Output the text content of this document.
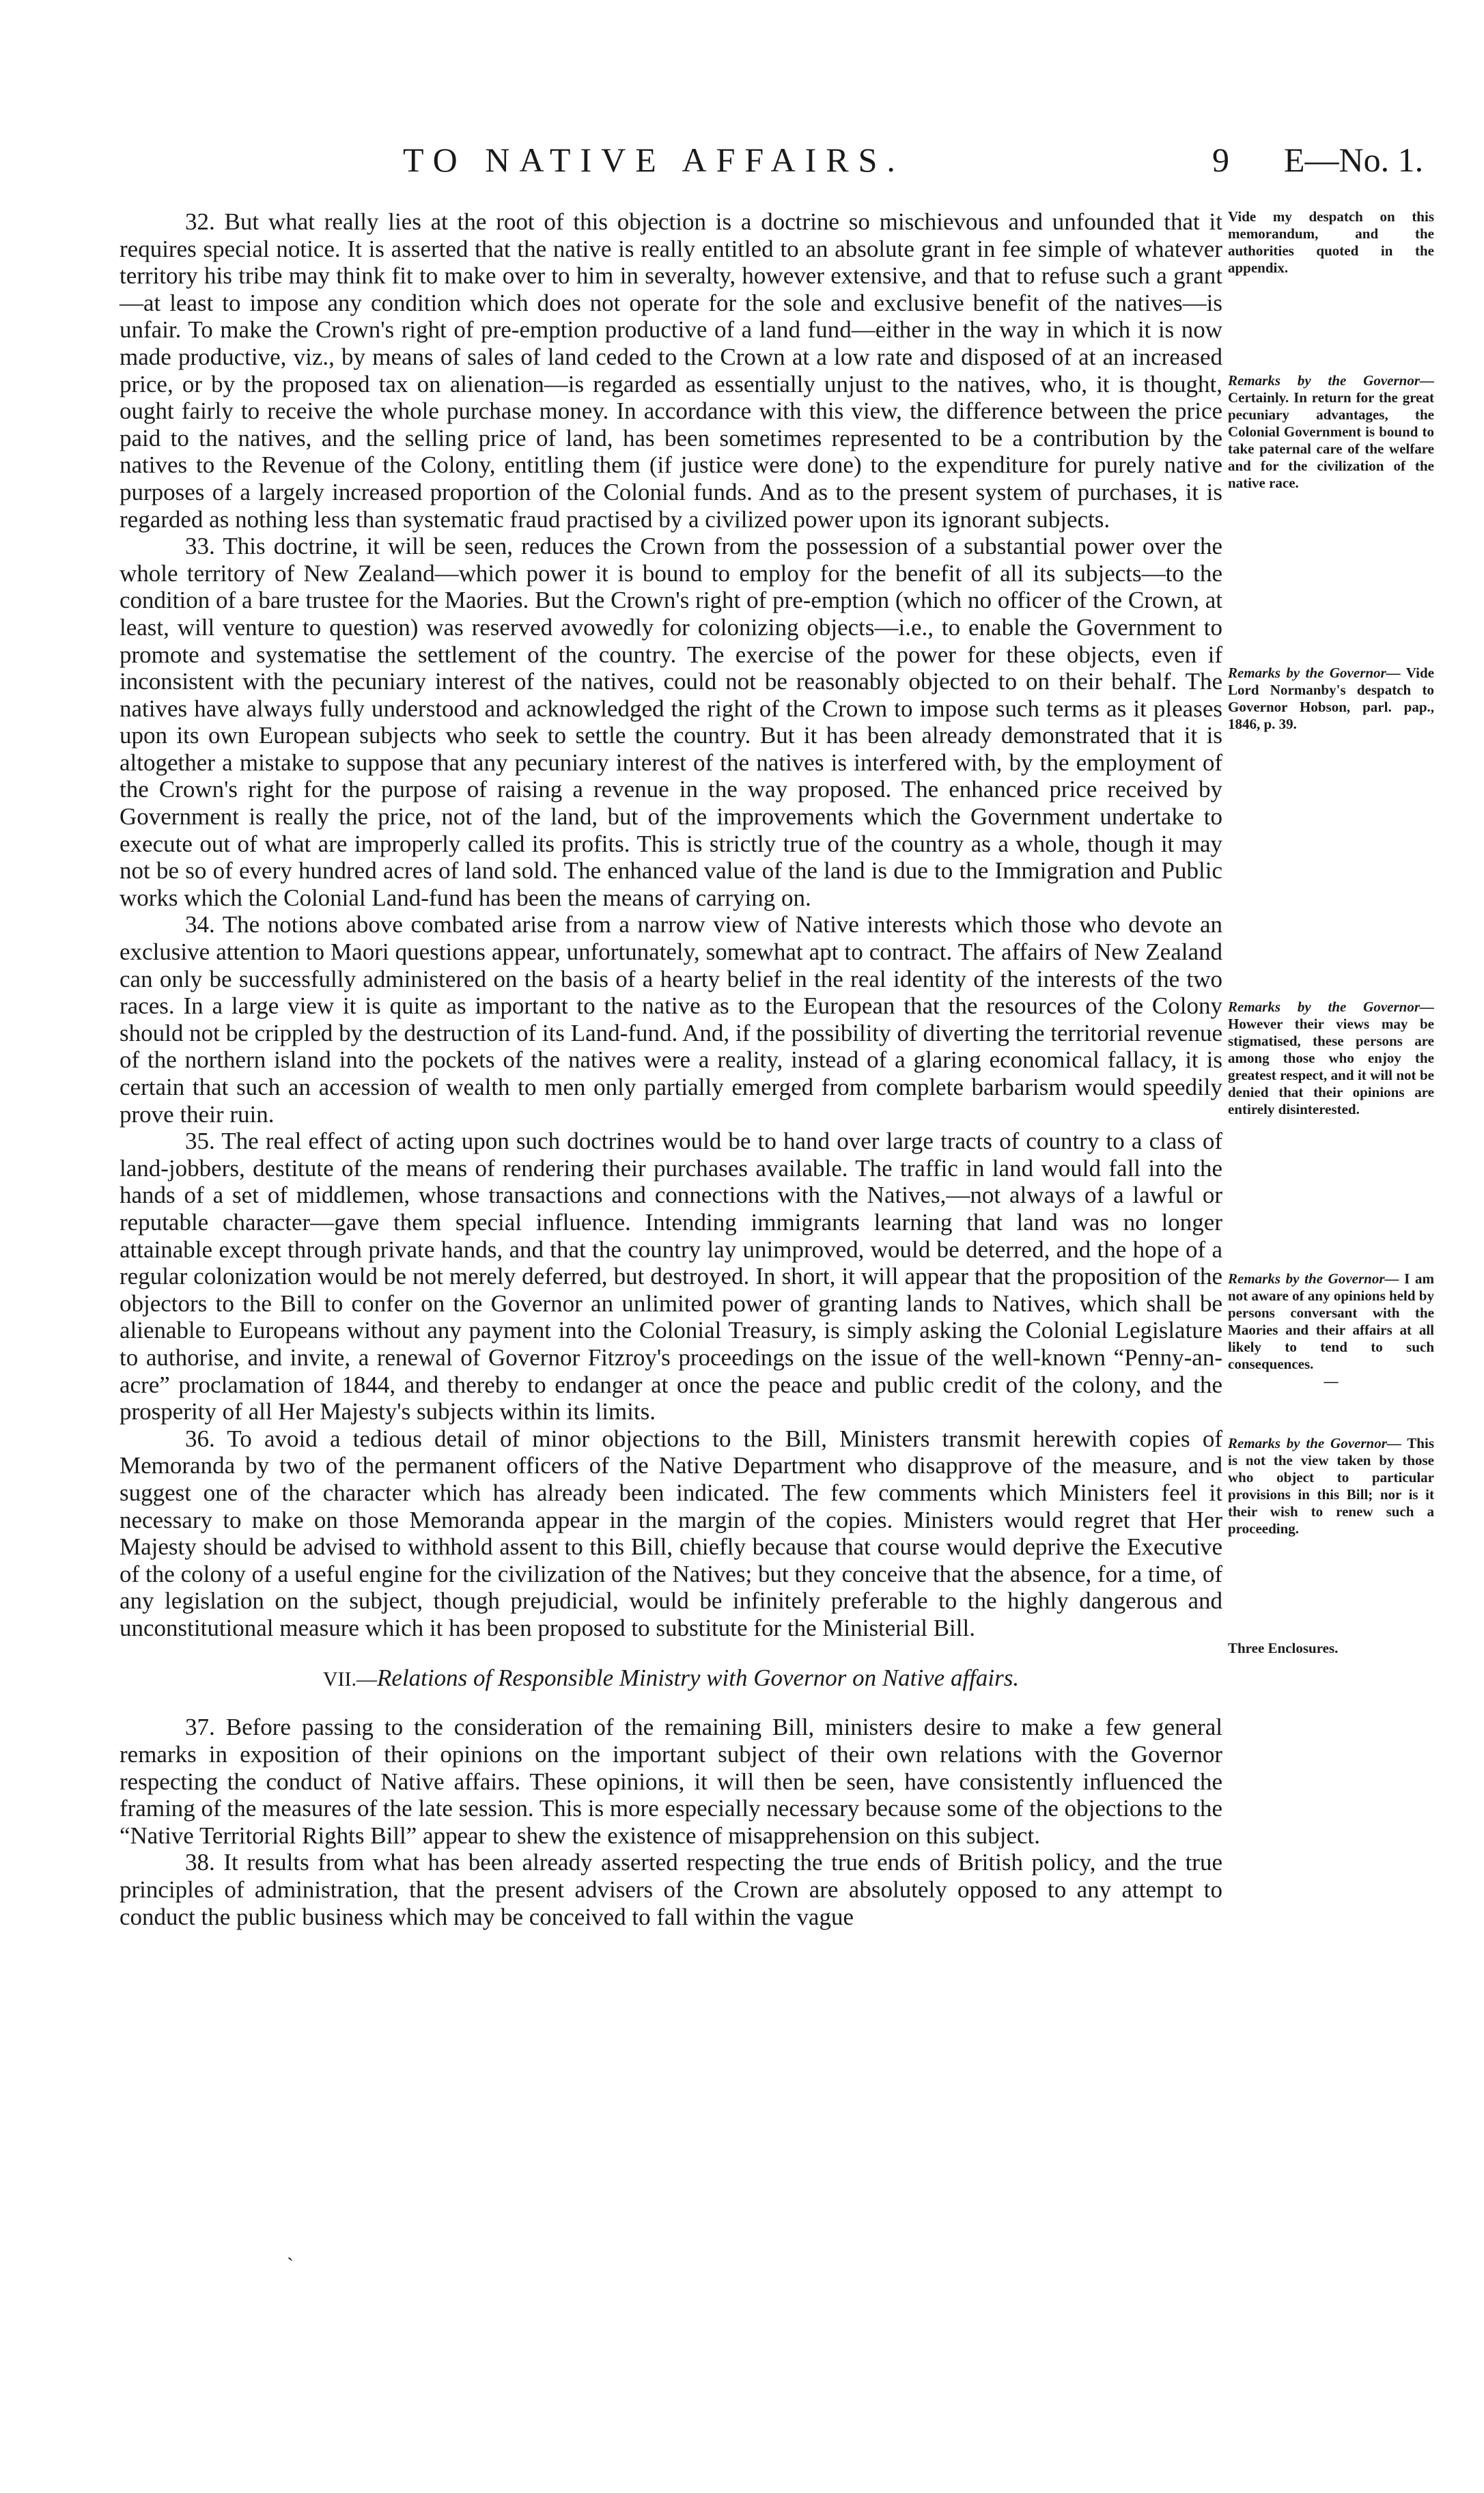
TO NATIVE AFFAIRS.	9 E—No. 1.

32. But what really lies at the root of this objection is a doctrine so mischievous and unfounded that it requires special notice. It is asserted that the native is really entitled to an absolute grant in fee simple of whatever territory his tribe may think fit to make over to him in severalty, however extensive, and that to refuse such a grant—at least to impose any condition which does not operate for the sole and exclusive benefit of the natives—is unfair. To make the Crown's right of pre-emption productive of a land fund—either in the way in which it is now made productive, viz., by means of sales of land ceded to the Crown at a low rate and disposed of at an increased price, or by the proposed tax on alienation—is regarded as essentially unjust to the natives, who, it is thought, ought fairly to receive the whole purchase money. In accordance with this view, the difference between the price paid to the natives, and the selling price of land, has been sometimes represented to be a contribution by the natives to the Revenue of the Colony, entitling them (if justice were done) to the expenditure for purely native purposes of a largely increased proportion of the Colonial funds. And as to the present system of purchases, it is regarded as nothing less than systematic fraud practised by a civilized power upon its ignorant subjects.

33. This doctrine, it will be seen, reduces the Crown from the possession of a substantial power over the whole territory of New Zealand—which power it is bound to employ for the benefit of all its subjects—to the condition of a bare trustee for the Maories. But the Crown's right of pre-emption (which no officer of the Crown, at least, will venture to question) was reserved avowedly for colonizing objects—i.e., to enable the Government to promote and systematise the settlement of the country. The exercise of the power for these objects, even if inconsistent with the pecuniary interest of the natives, could not be reasonably objected to on their behalf. The natives have always fully understood and acknowledged the right of the Crown to impose such terms as it pleases upon its own European subjects who seek to settle the country. But it has been already demonstrated that it is altogether a mistake to suppose that any pecuniary interest of the natives is interfered with, by the employment of the Crown's right for the purpose of raising a revenue in the way proposed. The enhanced price received by Government is really the price, not of the land, but of the improvements which the Government undertake to execute out of what are improperly called its profits. This is strictly true of the country as a whole, though it may not be so of every hundred acres of land sold. The enhanced value of the land is due to the Immigration and Public works which the Colonial Land-fund has been the means of carrying on.

34. The notions above combated arise from a narrow view of Native interests which those who devote an exclusive attention to Maori questions appear, unfortunately, somewhat apt to contract. The affairs of New Zealand can only be successfully administered on the basis of a hearty belief in the real identity of the interests of the two races. In a large view it is quite as important to the native as to the European that the resources of the Colony should not be crippled by the destruction of its Land-fund. And, if the possibility of diverting the territorial revenue of the northern island into the pockets of the natives were a reality, instead of a glaring economical fallacy, it is certain that such an accession of wealth to men only partially emerged from complete barbarism would speedily prove their ruin.

35. The real effect of acting upon such doctrines would be to hand over large tracts of country to a class of land-jobbers, destitute of the means of rendering their purchases available. The traffic in land would fall into the hands of a set of middlemen, whose transactions and connections with the Natives,—not always of a lawful or reputable character—gave them special influence. Intending immigrants learning that land was no longer attainable except through private hands, and that the country lay unimproved, would be deterred, and the hope of a regular colonization would be not merely deferred, but destroyed. In short, it will appear that the proposition of the objectors to the Bill to confer on the Governor an unlimited power of granting lands to Natives, which shall be alienable to Europeans without any payment into the Colonial Treasury, is simply asking the Colonial Legislature to authorise, and invite, a renewal of Governor Fitzroy's proceedings on the issue of the well-known “Penny-an-acre” proclamation of 1844, and thereby to endanger at once the peace and public credit of the colony, and the prosperity of all Her Majesty's subjects within its limits.

36. To avoid a tedious detail of minor objections to the Bill, Ministers transmit herewith copies of Memoranda by two of the permanent officers of the Native Department who disapprove of the measure, and suggest one of the character which has already been indicated. The few comments which Ministers feel it necessary to make on those Memoranda appear in the margin of the copies. Ministers would regret that Her Majesty should be advised to withhold assent to this Bill, chiefly because that course would deprive the Executive of the colony of a useful engine for the civilization of the Natives; but they conceive that the absence, for a time, of any legislation on the subject, though prejudicial, would be infinitely preferable to the highly dangerous and unconstitutional measure which it has been proposed to substitute for the Ministerial Bill.

VII.—Relations of Responsible Ministry with Governor on Native affairs.

37. Before passing to the consideration of the remaining Bill, ministers desire to make a few general remarks in exposition of their opinions on the important subject of their own relations with the Governor respecting the conduct of Native affairs. These opinions, it will then be seen, have consistently influenced the framing of the measures of the late session. This is more especially necessary because some of the objections to the “Native Territorial Rights Bill” appear to shew the existence of misapprehension on this subject.

38. It results from what has been already asserted respecting the true ends of British policy, and the true principles of administration, that the present advisers of the Crown are absolutely opposed to any attempt to conduct the public business which may be conceived to fall within the vague

Vide my despatch on this memorandum, and the authorities quoted in the appendix.
Remarks by the Governor— Certainly. In return for the great pecuniary advantages, the Colonial Government is bound to take paternal care of the welfare and for the civilization of the native race.
Remarks by the Governor— Vide Lord Normanby's despatch to Governor Hobson, parl. pap., 1846, p. 39.
Remarks by the Governor— However their views may be stigmatised, these persons are among those who enjoy the greatest respect, and it will not be denied that their opinions are entirely disinterested.
Remarks by the Governor— I am not aware of any opinions held by persons conversant with the Maories and their affairs at all likely to tend to such consequences.
—
Remarks by the Governor— This is not the view taken by those who object to particular provisions in this Bill; nor is it their wish to renew such a proceeding.
Three Enclosures.
ˋ
